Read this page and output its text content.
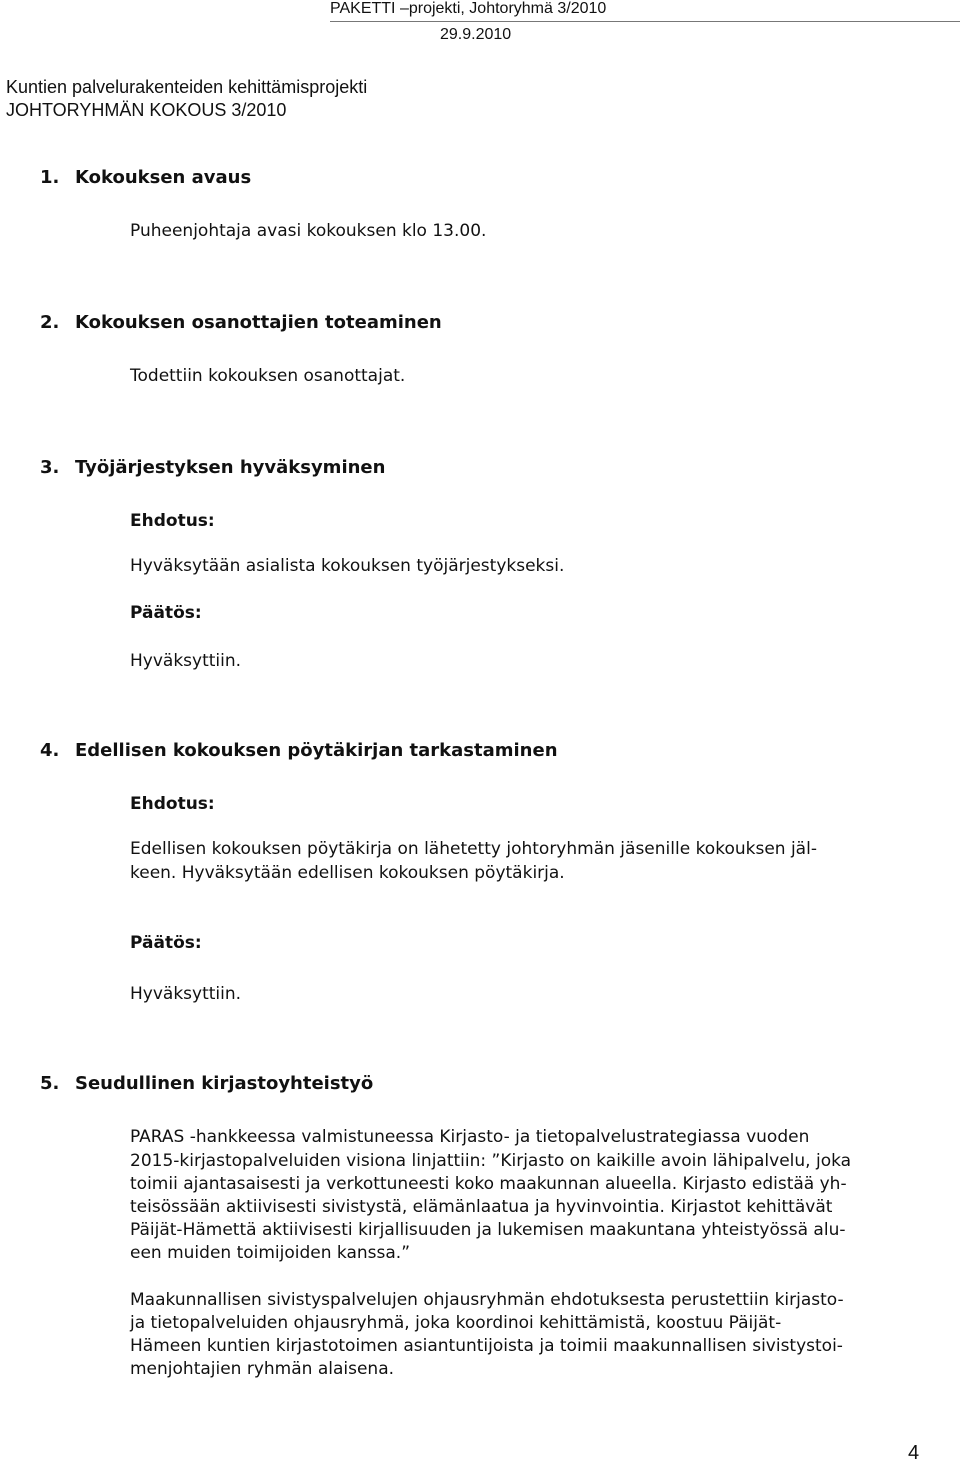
PAKETTI –projekti, Johtoryhmä 3/2010
29.9.2010
Kuntien palvelurakenteiden kehittämisprojekti
JOHTORYHMÄN KOKOUS 3/2010
1. Kokouksen avaus
Puheenjohtaja avasi kokouksen klo 13.00.
2. Kokouksen osanottajien toteaminen
Todettiin kokouksen osanottajat.
3. Työjärjestyksen hyväksyminen
Ehdotus:
Hyväksytään asialista kokouksen työjärjestykseksi.
Päätös:
Hyväksyttiin.
4. Edellisen kokouksen pöytäkirjan tarkastaminen
Ehdotus:
Edellisen kokouksen pöytäkirja on lähetetty johtoryhmän jäsenille kokouksen jäl-
keen. Hyväksytään edellisen kokouksen pöytäkirja.
Päätös:
Hyväksyttiin.
5. Seudullinen kirjastoyhteistyö
PARAS -hankkeessa valmistuneessa Kirjasto- ja tietopalvelustrategiassa vuoden
2015-kirjastopalveluiden visiona linjattiin: ”Kirjasto on kaikille avoin lähipalvelu, joka
toimii ajantasaisesti ja verkottuneesti koko maakunnan alueella. Kirjasto edistää yh-
teisössään aktiivisesti sivistystä, elämänlaatua ja hyvinvointia. Kirjastot kehittävät
Päijät-Hämettä aktiivisesti kirjallisuuden ja lukemisen maakuntana yhteistyössä alu-
een muiden toimijoiden kanssa.”
Maakunnallisen sivistyspalvelujen ohjausryhmän ehdotuksesta perustettiin kirjasto-
ja tietopalveluiden ohjausryhmä, joka koordinoi kehittämistä, koostuu Päijät-
Hämeen kuntien kirjastotoimen asiantuntijoista ja toimii maakunnallisen sivistystoi-
menjohtajien ryhmän alaisena.
4
